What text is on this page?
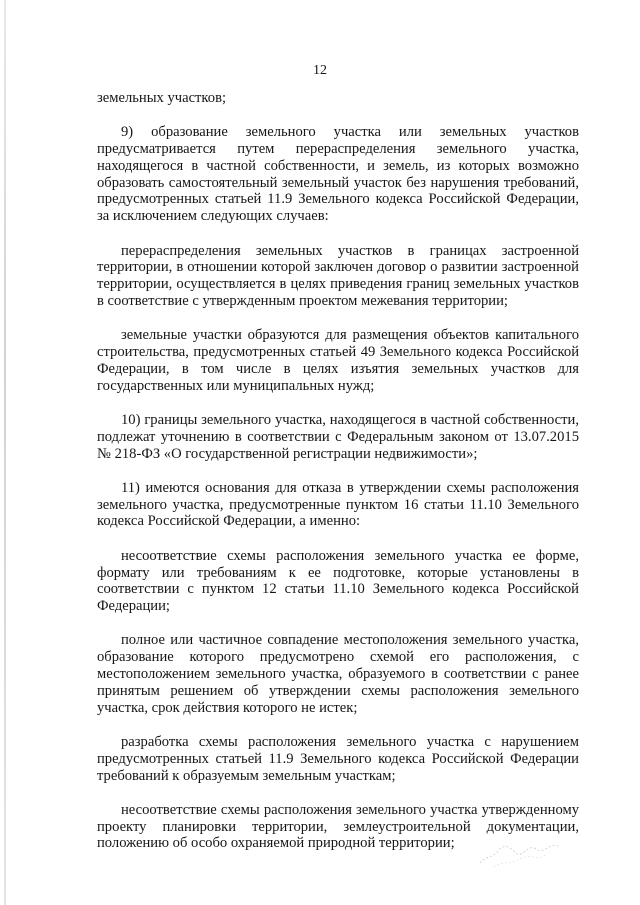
12

земельных участков;

9) образование земельного участка или земельных участков предусматривается путем перераспределения земельного участка, находящегося в частной собственности, и земель, из которых возможно образовать самостоятельный земельный участок без нарушения требований, предусмотренных статьей 11.9 Земельного кодекса Российской Федерации, за исключением следующих случаев:

перераспределения земельных участков в границах застроенной территории, в отношении которой заключен договор о развитии застроенной территории, осуществляется в целях приведения границ земельных участков в соответствие с утвержденным проектом межевания территории;

земельные участки образуются для размещения объектов капитального строительства, предусмотренных статьей 49 Земельного кодекса Российской Федерации, в том числе в целях изъятия земельных участков для государственных или муниципальных нужд;

10) границы земельного участка, находящегося в частной собственности, подлежат уточнению в соответствии с Федеральным законом от 13.07.2015 № 218-ФЗ «О государственной регистрации недвижимости»;

11) имеются основания для отказа в утверждении схемы расположения земельного участка, предусмотренные пунктом 16 статьи 11.10 Земельного кодекса Российской Федерации, а именно:

несоответствие схемы расположения земельного участка ее форме, формату или требованиям к ее подготовке, которые установлены в соответствии с пунктом 12 статьи 11.10 Земельного кодекса Российской Федерации;

полное или частичное совпадение местоположения земельного участка, образование которого предусмотрено схемой его расположения, с местоположением земельного участка, образуемого в соответствии с ранее принятым решением об утверждении схемы расположения земельного участка, срок действия которого не истек;

разработка схемы расположения земельного участка с нарушением предусмотренных статьей 11.9 Земельного кодекса Российской Федерации требований к образуемым земельным участкам;

несоответствие схемы расположения земельного участка утвержденному проекту планировки территории, землеустроительной документации, положению об особо охраняемой природной территории;
